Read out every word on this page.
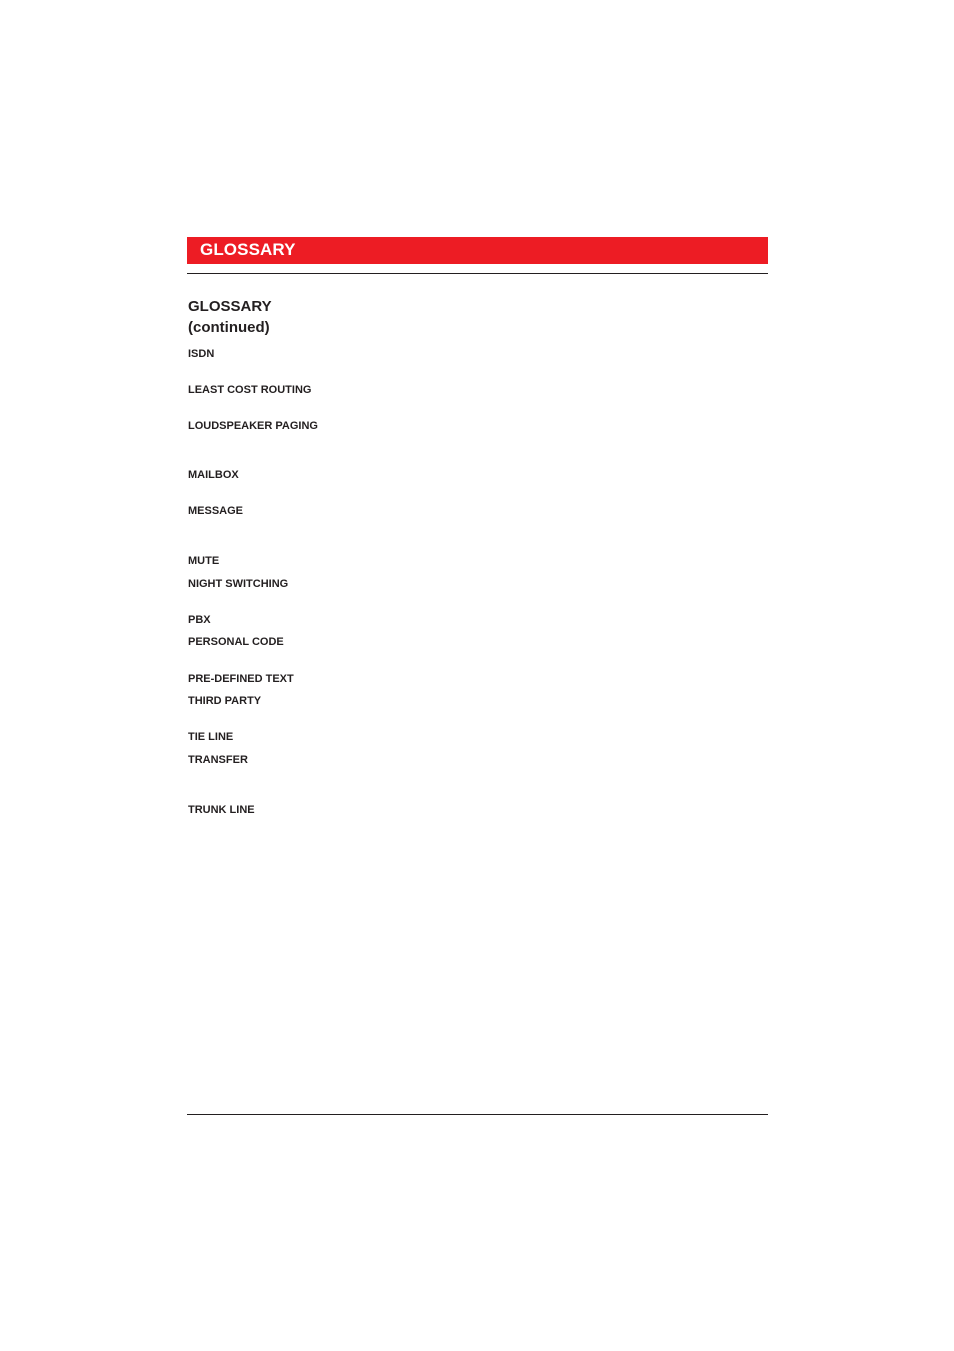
GLOSSARY
GLOSSARY
(continued)
ISDN
LEAST COST ROUTING
LOUDSPEAKER PAGING
MAILBOX
MESSAGE
MUTE
NIGHT SWITCHING
PBX
PERSONAL CODE
PRE-DEFINED TEXT
THIRD PARTY
TIE LINE
TRANSFER
TRUNK LINE
